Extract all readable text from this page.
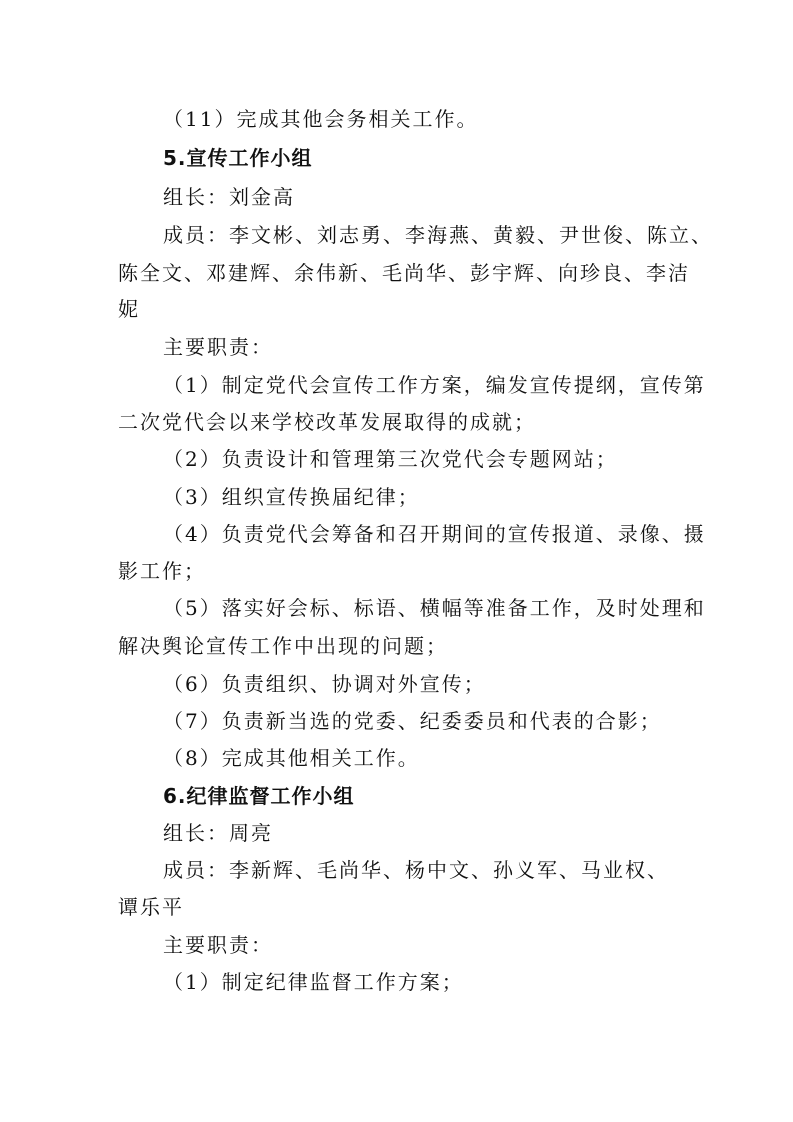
（11）完成其他会务相关工作。
5.宣传工作小组
组长：刘金高
成员：李文彬、刘志勇、李海燕、黄毅、尹世俊、陈立、
陈全文、邓建辉、余伟新、毛尚华、彭宇辉、向珍良、李洁
妮
主要职责：
（1）制定党代会宣传工作方案，编发宣传提纲，宣传第
二次党代会以来学校改革发展取得的成就；
（2）负责设计和管理第三次党代会专题网站；
（3）组织宣传换届纪律；
（4）负责党代会筹备和召开期间的宣传报道、录像、摄
影工作；
（5）落实好会标、标语、横幅等准备工作，及时处理和
解决舆论宣传工作中出现的问题；
（6）负责组织、协调对外宣传；
（7）负责新当选的党委、纪委委员和代表的合影；
（8）完成其他相关工作。
6.纪律监督工作小组
组长：周亮
成员：李新辉、毛尚华、杨中文、孙义军、马业权、
谭乐平
主要职责：
（1）制定纪律监督工作方案；
